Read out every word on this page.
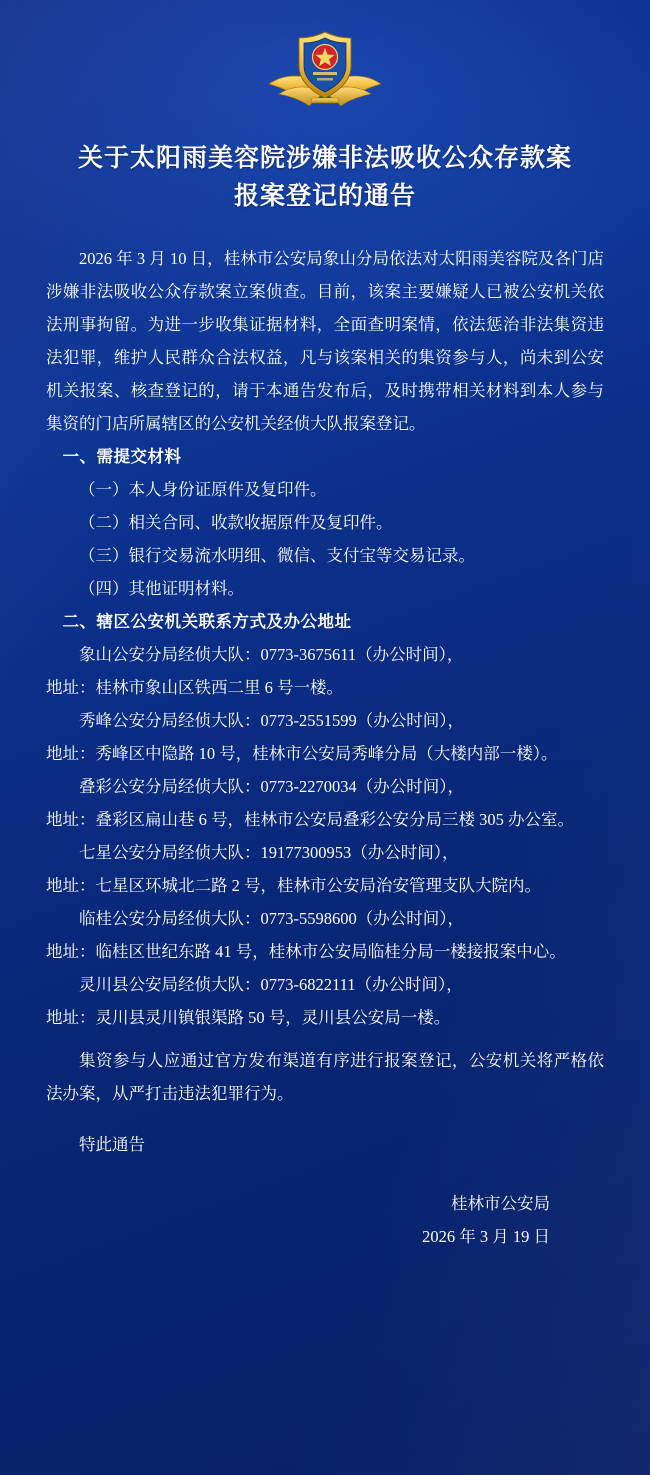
关于太阳雨美容院涉嫌非法吸收公众存款案
报案登记的通告

2026 年 3 月 10 日，桂林市公安局象山分局依法对太阳雨美容院及各门店涉嫌非法吸收公众存款案立案侦查。目前，该案主要嫌疑人已被公安机关依法刑事拘留。为进一步收集证据材料，全面查明案情，依法惩治非法集资违法犯罪，维护人民群众合法权益，凡与该案相关的集资参与人，尚未到公安机关报案、核查登记的，请于本通告发布后，及时携带相关材料到本人参与集资的门店所属辖区的公安机关经侦大队报案登记。

一、需提交材料

（一）本人身份证原件及复印件。

（二）相关合同、收款收据原件及复印件。

（三）银行交易流水明细、微信、支付宝等交易记录。

（四）其他证明材料。

二、辖区公安机关联系方式及办公地址

象山公安分局经侦大队：0773-3675611（办公时间），

地址：桂林市象山区铁西二里 6 号一楼。

秀峰公安分局经侦大队：0773-2551599（办公时间），

地址：秀峰区中隐路 10 号，桂林市公安局秀峰分局（大楼内部一楼）。

叠彩公安分局经侦大队：0773-2270034（办公时间），

地址：叠彩区扁山巷 6 号，桂林市公安局叠彩公安分局三楼 305 办公室。

七星公安分局经侦大队：19177300953（办公时间），

地址：七星区环城北二路 2 号，桂林市公安局治安管理支队大院内。

临桂公安分局经侦大队：0773-5598600（办公时间），

地址：临桂区世纪东路 41 号，桂林市公安局临桂分局一楼接报案中心。

灵川县公安局经侦大队：0773-6822111（办公时间），

地址：灵川县灵川镇银渠路 50 号，灵川县公安局一楼。

集资参与人应通过官方发布渠道有序进行报案登记，公安机关将严格依法办案，从严打击违法犯罪行为。

特此通告

桂林市公安局
2026 年 3 月 19 日
